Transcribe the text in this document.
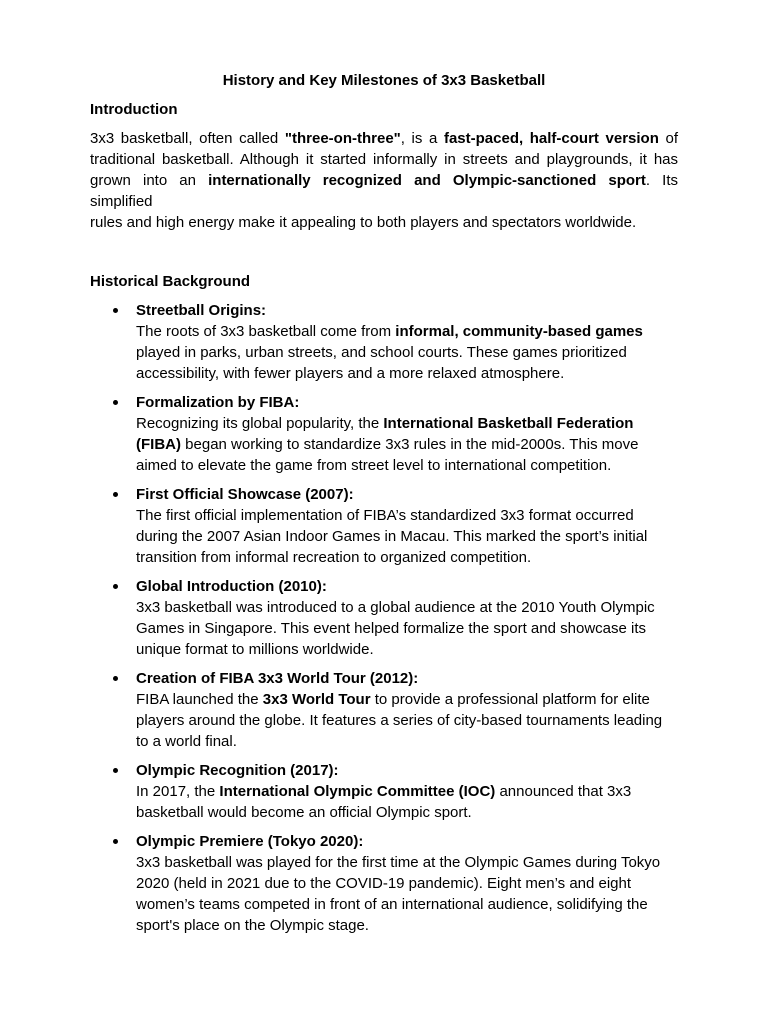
History and Key Milestones of 3x3 Basketball
Introduction
3x3 basketball, often called "three-on-three", is a fast-paced, half-court version of
traditional basketball. Although it started informally in streets and playgrounds, it has
grown into an internationally recognized and Olympic-sanctioned sport. Its simplified
rules and high energy make it appealing to both players and spectators worldwide.
Historical Background
Streetball Origins:
The roots of 3x3 basketball come from informal, community-based games
played in parks, urban streets, and school courts. These games prioritized
accessibility, with fewer players and a more relaxed atmosphere.
Formalization by FIBA:
Recognizing its global popularity, the International Basketball Federation
(FIBA) began working to standardize 3x3 rules in the mid-2000s. This move
aimed to elevate the game from street level to international competition.
First Official Showcase (2007):
The first official implementation of FIBA’s standardized 3x3 format occurred
during the 2007 Asian Indoor Games in Macau. This marked the sport’s initial
transition from informal recreation to organized competition.
Global Introduction (2010):
3x3 basketball was introduced to a global audience at the 2010 Youth Olympic
Games in Singapore. This event helped formalize the sport and showcase its
unique format to millions worldwide.
Creation of FIBA 3x3 World Tour (2012):
FIBA launched the 3x3 World Tour to provide a professional platform for elite
players around the globe. It features a series of city-based tournaments leading
to a world final.
Olympic Recognition (2017):
In 2017, the International Olympic Committee (IOC) announced that 3x3
basketball would become an official Olympic sport.
Olympic Premiere (Tokyo 2020):
3x3 basketball was played for the first time at the Olympic Games during Tokyo
2020 (held in 2021 due to the COVID-19 pandemic). Eight men’s and eight
women’s teams competed in front of an international audience, solidifying the
sport's place on the Olympic stage.
